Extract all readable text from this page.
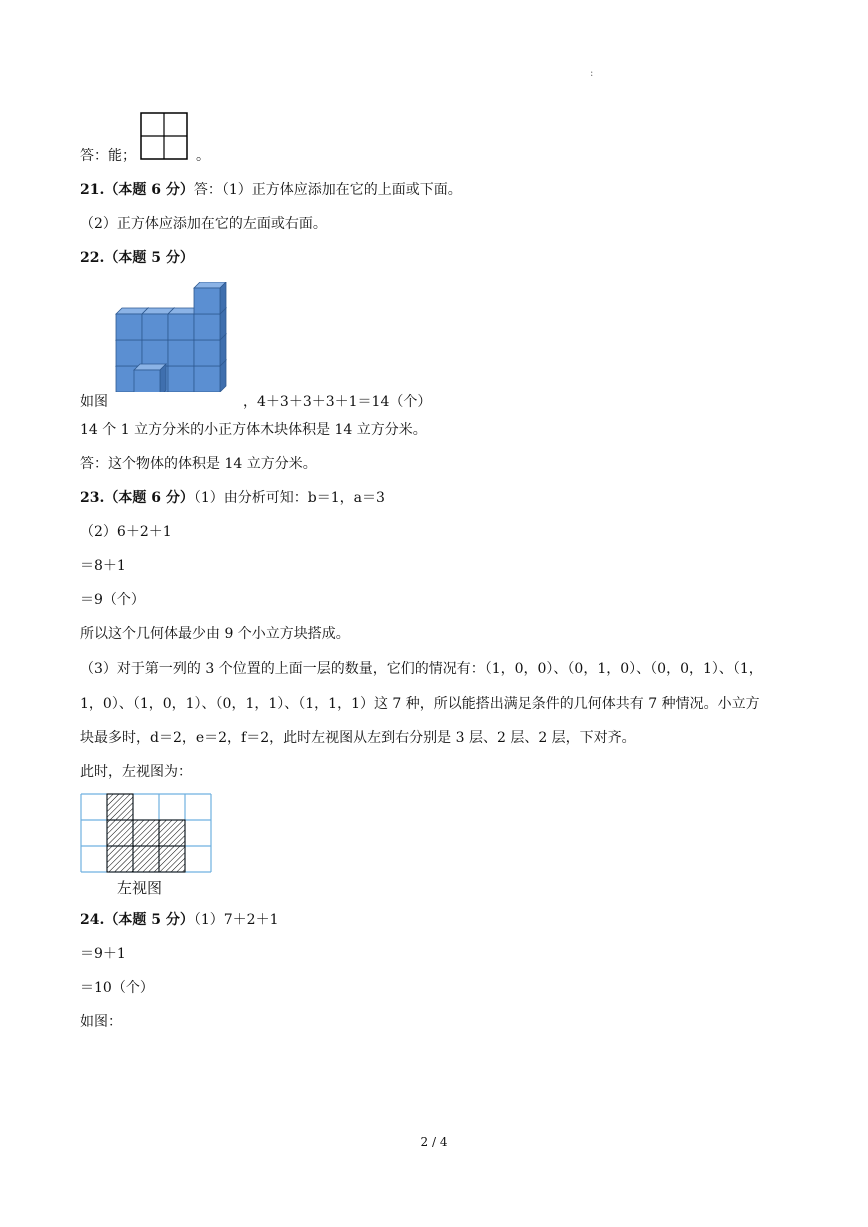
:
答：能；	。
21.（本题 6 分）答：（1）正方体应添加在它的上面或下面。
（2）正方体应添加在它的左面或右面。
22.（本题 5 分）
如图	，4＋3＋3＋3＋1＝14（个）
14 个 1 立方分米的小正方体木块体积是 14 立方分米。
答：这个物体的体积是 14 立方分米。
23.（本题 6 分）（1）由分析可知：b＝1，a＝3
（2）6＋2＋1
＝8＋1
＝9（个）
所以这个几何体最少由 9 个小立方块搭成。
（3）对于第一列的 3 个位置的上面一层的数量，它们的情况有：（1，0，0）、（0，1，0）、（0，0，1）、（1，
1，0）、（1，0，1）、（0，1，1）、（1，1，1）这 7 种，所以能搭出满足条件的几何体共有 7 种情况。小立方
块最多时，d＝2，e＝2，f＝2，此时左视图从左到右分别是 3 层、2 层、2 层，下对齐。
此时，左视图为：
左视图
24.（本题 5 分）（1）7＋2＋1
＝9＋1
＝10（个）
如图：
2 / 4
